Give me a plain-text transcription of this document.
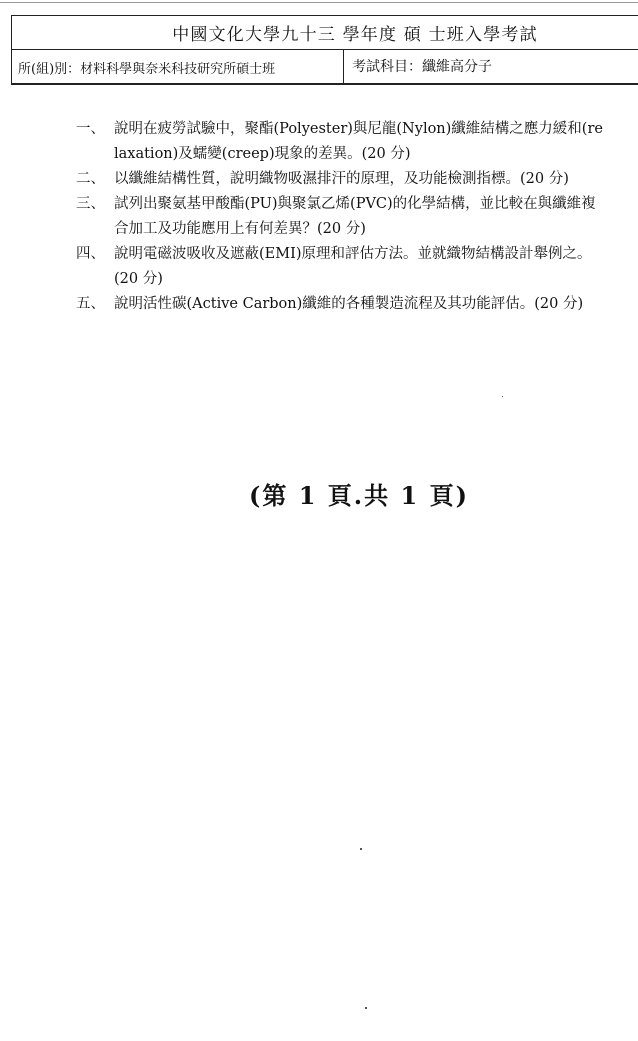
中國文化大學九十三 學年度 碩 士班入學考試
所(組)別：材料科學與奈米科技研究所碩士班	考試科目：纖維高分子
一、 說明在疲勞試驗中，聚酯(Polyester)與尼龍(Nylon)纖維結構之應力緩和(relaxation)及蠕變(creep)現象的差異。(20 分)
二、 以纖維結構性質，說明織物吸濕排汗的原理，及功能檢測指標。(20 分)
三、 試列出聚氨基甲酸酯(PU)與聚氯乙烯(PVC)的化學結構，並比較在與纖維複合加工及功能應用上有何差異？(20 分)
四、 說明電磁波吸收及遮蔽(EMI)原理和評估方法。並就織物結構設計舉例之。(20 分)
五、 說明活性碳(Active Carbon)纖維的各種製造流程及其功能評估。(20 分)
(第 1 頁.共 1 頁)
